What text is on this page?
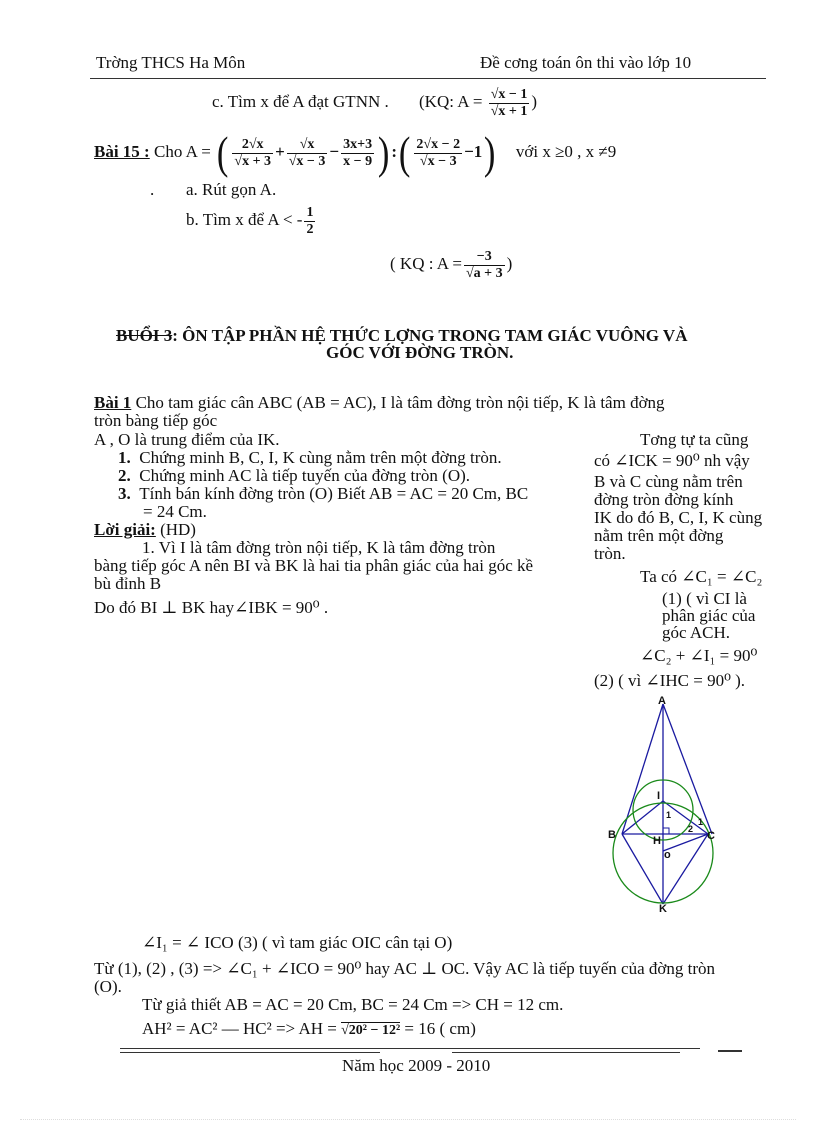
Trờng THCS Ha Môn	Đề cơng toán ôn thi vào lớp 10
c. Tìm x để A đạt GTNN . (KQ: $A = \frac{√x - 1}{√x + 1}$ )
Bài 15 : Cho A = ( $\frac{2√x}{√x + 3} + \frac{√x}{√x - 3} - \frac{3x+3}{x - 9}$ ) :( $\frac{2√x - 2}{√x - 3} -1$) với x ≥0 , x ≠9
. a. Rút gọn A.
b. Tìm x để A < - $\frac{1}{2}$
( KQ : $A = \frac{-3}{√a + 3}$ )
BUỔI 3: ÔN TẬP PHẦN HỆ THỨC LỢNG TRONG TAM GIÁC VUÔNG VÀ
GÓC VỚI ĐỜNG TRÒN.
Bài 1 Cho tam giác cân ABC (AB = AC), I là tâm đờng tròn nội tiếp, K là tâm đờng
tròn bàng tiếp góc
A , O là trung điểm của IK.
1. Chứng minh B, C, I, K cùng nằm trên một đờng tròn.
2. Chứng minh AC là tiếp tuyến của đờng tròn (O).
3. Tính bán kính đờng tròn (O) Biết AB = AC = 20 Cm, BC
= 24 Cm.
Lời giải: (HD)
1. Vì I là tâm đờng tròn nội tiếp, K là tâm đờng tròn
bàng tiếp góc A nên BI và BK là hai tia phân giác của hai góc kề
bù đỉnh B
Do đó BI ⊥ BK hay∠IBK = 90⁰ .
Tơng tự ta cũng
có ∠ICK = 90⁰ nh vậy
B và C cùng nằm trên
đờng tròn đờng kính
IK do đó B, C, I, K cùng
nằm trên một đờng
tròn.
Ta có ∠C₁ = ∠C₂
(1) ( vì CI là
phân giác của
góc ACH.
∠C₂ + ∠I₁ = 90⁰
(2) ( vì ∠IHC = 90⁰ ).
A
I
B	H	C
o
K
1
2
1
∠I₁ = ∠ ICO (3) ( vì tam giác OIC cân tại O)
Từ (1), (2) , (3) => ∠C₁ + ∠ICO = 90⁰ hay AC ⊥ OC. Vậy AC là tiếp tuyến của đờng tròn
(O).
Từ giả thiết AB = AC = 20 Cm, BC = 24 Cm => CH = 12 cm.
AH² = AC² — HC² => AH = √20² − 12² = 16 ( cm)
Năm học 2009 - 2010
